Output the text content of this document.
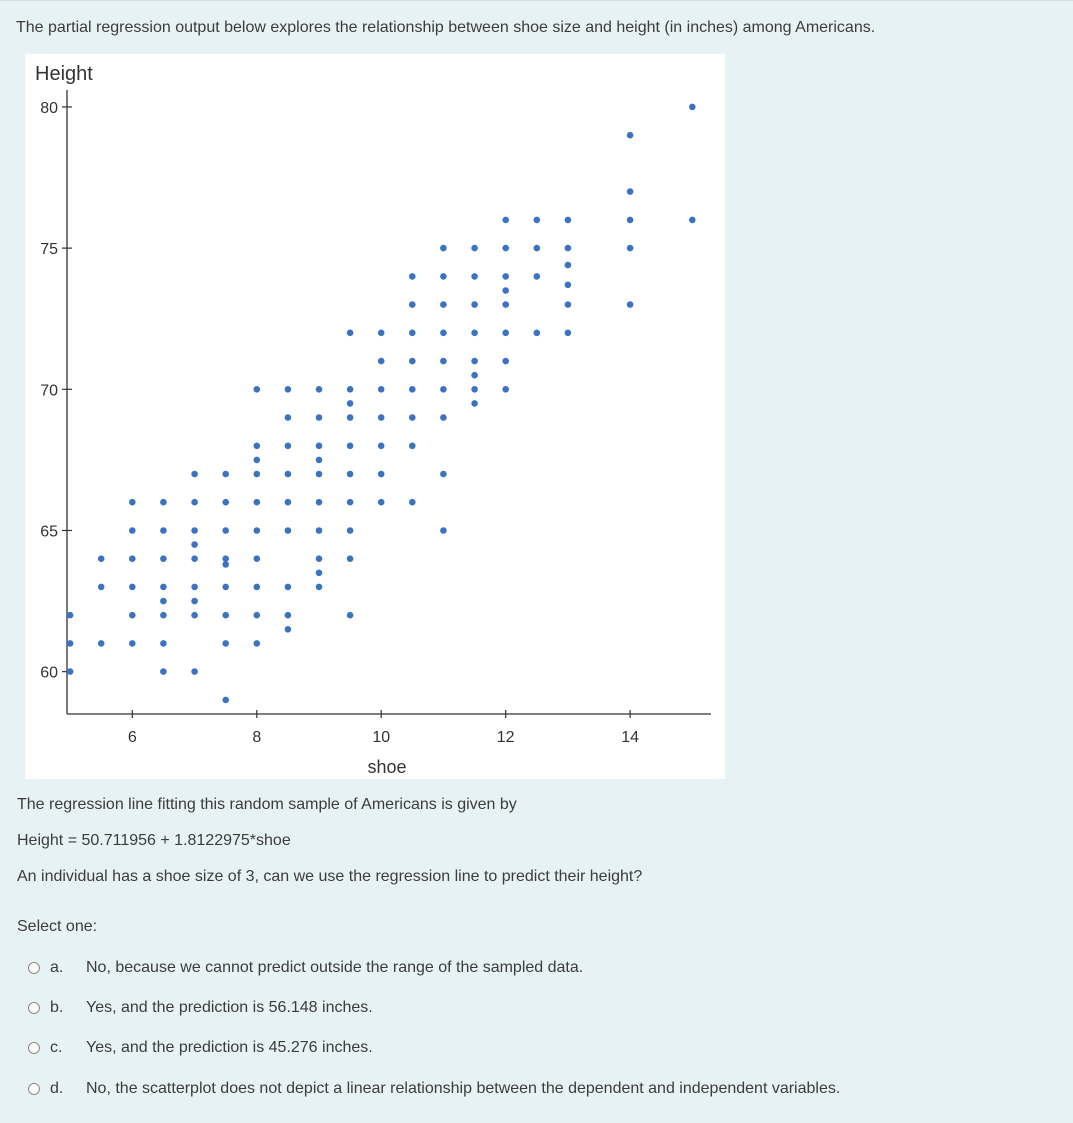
The partial regression output below explores the relationship between shoe size and height (in inches) among Americans.
Height
shoe
60
65
70
75
80
6	8	10	12	14
The regression line fitting this random sample of Americans is given by
Height = 50.711956 + 1.8122975*shoe
An individual has a shoe size of 3, can we use the regression line to predict their height?
Select one:
a.	No, because we cannot predict outside the range of the sampled data.
b.	Yes, and the prediction is 56.148 inches.
c.	Yes, and the prediction is 45.276 inches.
d.	No, the scatterplot does not depict a linear relationship between the dependent and independent variables.
